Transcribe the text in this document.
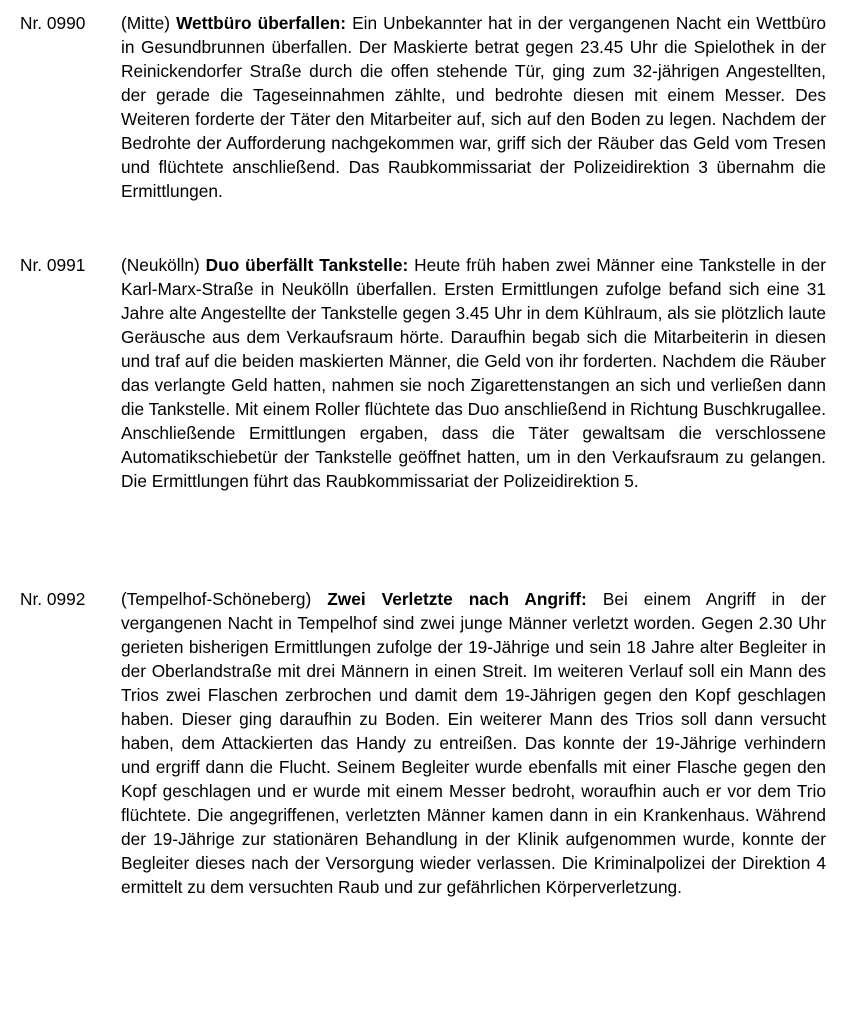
Nr. 0990 (Mitte) Wettbüro überfallen: Ein Unbekannter hat in der vergangenen Nacht ein Wettbüro in Gesundbrunnen überfallen. Der Maskierte betrat gegen 23.45 Uhr die Spielothek in der Reinickendorfer Straße durch die offen stehende Tür, ging zum 32-jährigen Angestellten, der gerade die Tageseinnahmen zählte, und bedrohte diesen mit einem Messer. Des Weiteren forderte der Täter den Mitarbeiter auf, sich auf den Boden zu legen. Nachdem der Bedrohte der Aufforderung nachgekommen war, griff sich der Räuber das Geld vom Tresen und flüchtete anschließend. Das Raubkommissariat der Polizeidirektion 3 übernahm die Ermittlungen.
Nr. 0991 (Neukölln) Duo überfällt Tankstelle: Heute früh haben zwei Männer eine Tankstelle in der Karl-Marx-Straße in Neukölln überfallen. Ersten Ermittlungen zufolge befand sich eine 31 Jahre alte Angestellte der Tankstelle gegen 3.45 Uhr in dem Kühlraum, als sie plötzlich laute Geräusche aus dem Verkaufsraum hörte. Daraufhin begab sich die Mitarbeiterin in diesen und traf auf die beiden maskierten Männer, die Geld von ihr forderten. Nachdem die Räuber das verlangte Geld hatten, nahmen sie noch Zigarettenstangen an sich und verließen dann die Tankstelle. Mit einem Roller flüchtete das Duo anschließend in Richtung Buschkrugallee. Anschließende Ermittlungen ergaben, dass die Täter gewaltsam die verschlossene Automatikschiebetür der Tankstelle geöffnet hatten, um in den Verkaufsraum zu gelangen. Die Ermittlungen führt das Raubkommissariat der Polizeidirektion 5.
Nr. 0992 (Tempelhof-Schöneberg) Zwei Verletzte nach Angriff: Bei einem Angriff in der vergangenen Nacht in Tempelhof sind zwei junge Männer verletzt worden. Gegen 2.30 Uhr gerieten bisherigen Ermittlungen zufolge der 19-Jährige und sein 18 Jahre alter Begleiter in der Oberlandstraße mit drei Männern in einen Streit. Im weiteren Verlauf soll ein Mann des Trios zwei Flaschen zerbrochen und damit dem 19-Jährigen gegen den Kopf geschlagen haben. Dieser ging daraufhin zu Boden. Ein weiterer Mann des Trios soll dann versucht haben, dem Attackierten das Handy zu entreißen. Das konnte der 19-Jährige verhindern und ergriff dann die Flucht. Seinem Begleiter wurde ebenfalls mit einer Flasche gegen den Kopf geschlagen und er wurde mit einem Messer bedroht, woraufhin auch er vor dem Trio flüchtete. Die angegriffenen, verletzten Männer kamen dann in ein Krankenhaus. Während der 19-Jährige zur stationären Behandlung in der Klinik aufgenommen wurde, konnte der Begleiter dieses nach der Versorgung wieder verlassen. Die Kriminalpolizei der Direktion 4 ermittelt zu dem versuchten Raub und zur gefährlichen Körperverletzung.
